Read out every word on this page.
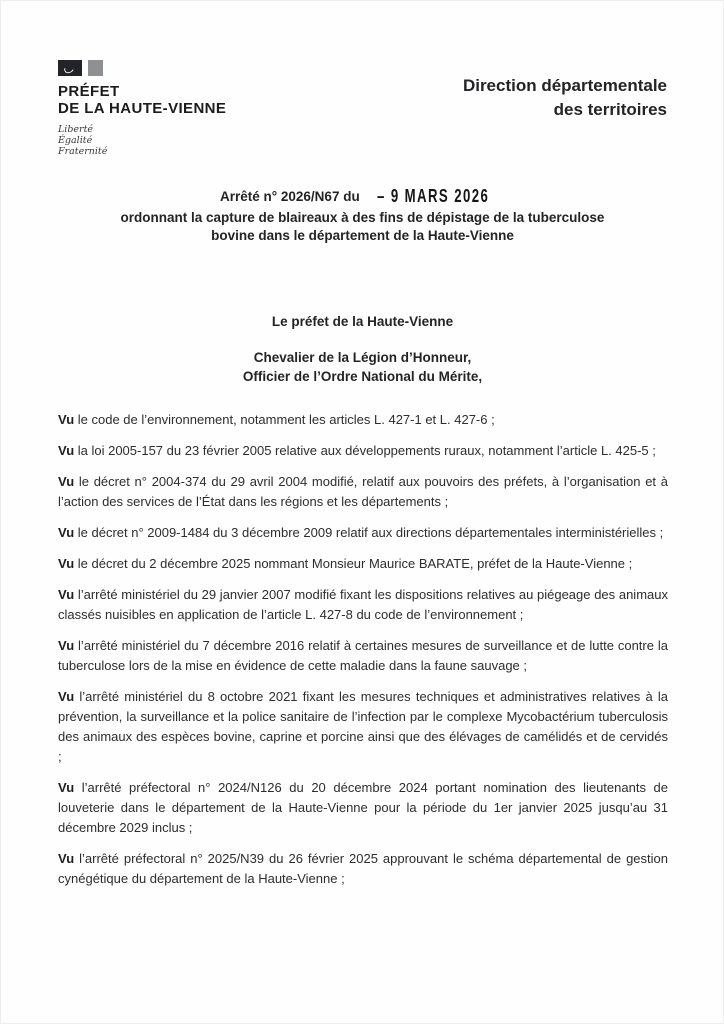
PRÉFET
DE LA HAUTE-VIENNE
Liberté
Égalité
Fraternité
Direction départementale
des territoires
Arrêté n° 2026/N67 du – 9 MARS 2026
ordonnant la capture de blaireaux à des fins de dépistage de la tuberculose
bovine dans le département de la Haute-Vienne
Le préfet de la Haute-Vienne
Chevalier de la Légion d’Honneur,
Officier de l’Ordre National du Mérite,

Vu le code de l’environnement, notamment les articles L. 427-1 et L. 427-6 ;

Vu la loi 2005-157 du 23 février 2005 relative aux développements ruraux, notamment l’article L. 425-5 ;

Vu le décret n° 2004-374 du 29 avril 2004 modifié, relatif aux pouvoirs des préfets, à l’organisation et à l’action des services de l’État dans les régions et les départements ;

Vu le décret n° 2009-1484 du 3 décembre 2009 relatif aux directions départementales interministérielles ;

Vu le décret du 2 décembre 2025 nommant Monsieur Maurice BARATE, préfet de la Haute-Vienne ;

Vu l’arrêté ministériel du 29 janvier 2007 modifié fixant les dispositions relatives au piégeage des animaux classés nuisibles en application de l’article L. 427-8 du code de l’environnement ;

Vu l’arrêté ministériel du 7 décembre 2016 relatif à certaines mesures de surveillance et de lutte contre la tuberculose lors de la mise en évidence de cette maladie dans la faune sauvage ;

Vu l’arrêté ministériel du 8 octobre 2021 fixant les mesures techniques et administratives relatives à la prévention, la surveillance et la police sanitaire de l’infection par le complexe Mycobactérium tuberculosis des animaux des espèces bovine, caprine et porcine ainsi que des élévages de camélidés et de cervidés ;

Vu l’arrêté préfectoral n° 2024/N126 du 20 décembre 2024 portant nomination des lieutenants de louveterie dans le département de la Haute-Vienne pour la période du 1er janvier 2025 jusqu’au 31 décembre 2029 inclus ;

Vu l’arrêté préfectoral n° 2025/N39 du 26 février 2025 approuvant le schéma départemental de gestion cynégétique du département de la Haute-Vienne ;
